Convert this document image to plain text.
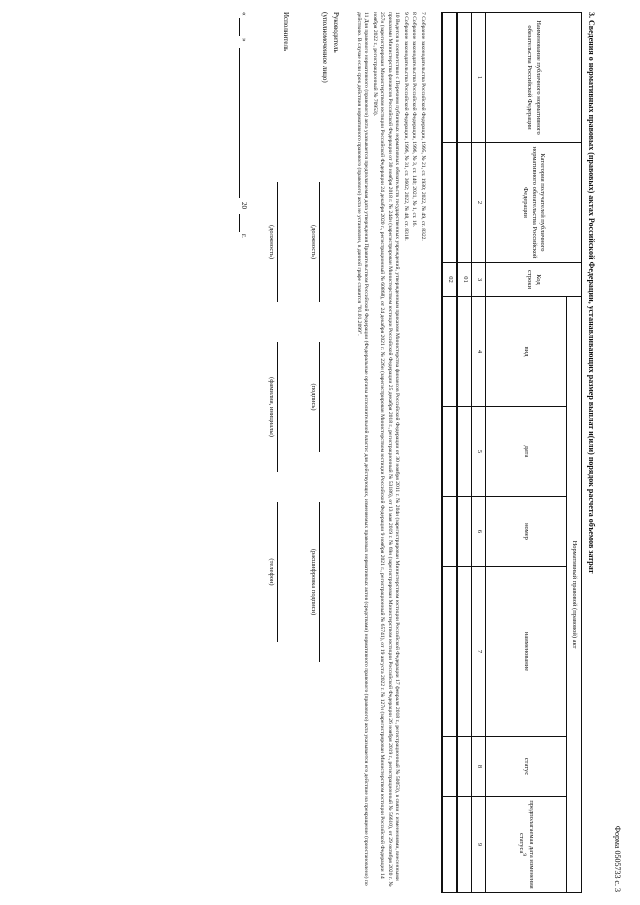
Форма 0505733 с. 3
3. Сведения о нормативных правовых (правовых) актах Российской Федерации, устанавливающих размер выплат и(или) порядок расчета объемов затрат
Наименование публичного нормативного обязательства Российской Федерации	Категория получателей публичного нормативного обязательства Российской Федерации	Код строки	Нормативный правовой (правовой) акт					
			вид	дата	номер	наименование	статус	предполагаемая дата изменения статуса$^9$
1	2	3	4	5	6	7	8	9
		01						
		02						

7 Собрание законодательства Российской Федерации, 1995, № 21, ст. 1930; 2022, № 49, ст. 8322.

8 Собрание законодательства Российской Федерации, 1996, № 3, ст. 140; 2021, № 1, ст. 16.

9 Собрание законодательства Российской Федерации, 1996, № 31, ст. 3602; 2022, № 48, ст. 8318.

10 Ведется в соответствии с Перечнем публичных нормативных обязательств государственных учреждений, утвержденным приказом Министерства финансов Российской Федерации от 30 ноября 2011 г. № 204н (зарегистрирован Министерством юстиции Российской Федерации 17 февраля 2018 г., регистрационный № 50053), в связи с изменениями, внесенными приказами Министерства финансов Российской Федерации от 30 ноября 2018 г. № 244н (зарегистрирован Министерством юстиции Российской Федерации 25 декабря 2018 г., регистрационный № 53186), от 13 мая 2019 г. № 69н (зарегистрирован Министерством юстиции Российской Федерации 26 ноября 2019 г., регистрационный № 56610), от 29 октября 2020 г. № 257н (зарегистрирован Министерством юстиции Российской Федерации 24 декабря 2020 г., регистрационный № 60868), от 24 декабря 2021 г. № 226н (зарегистрирован Министерством юстиции Российской Федерации 9 ноября 2021 г., регистрационный № 65741), от 19 августа 2022 г. № 127н (зарегистрирован Министерством юстиции Российской Федерации 14 ноября 2022 г., регистрационный № 70953).

11 Для правового нормативного (правового) акта указывается предполагаемая дата утверждения Правительством Российской Федерации (Федеральные органы исполнительной власти: для действующих, изменяемых правовых нормативных актов (средствами) нормативного правового (правового) акта указывается его действие на прекращение (приостановлено) по действию. В случае если срок действия нормативного правового (правового) акта не установлен, в данной графе ставится "01.01.2099".

Руководитель
(уполномоченное лицо)
(должность)
(подпись)
(расшифровка подписи)
Исполнитель
(должность)
(фамилия, инициалы)
(телефон)
«
»
20
г.
